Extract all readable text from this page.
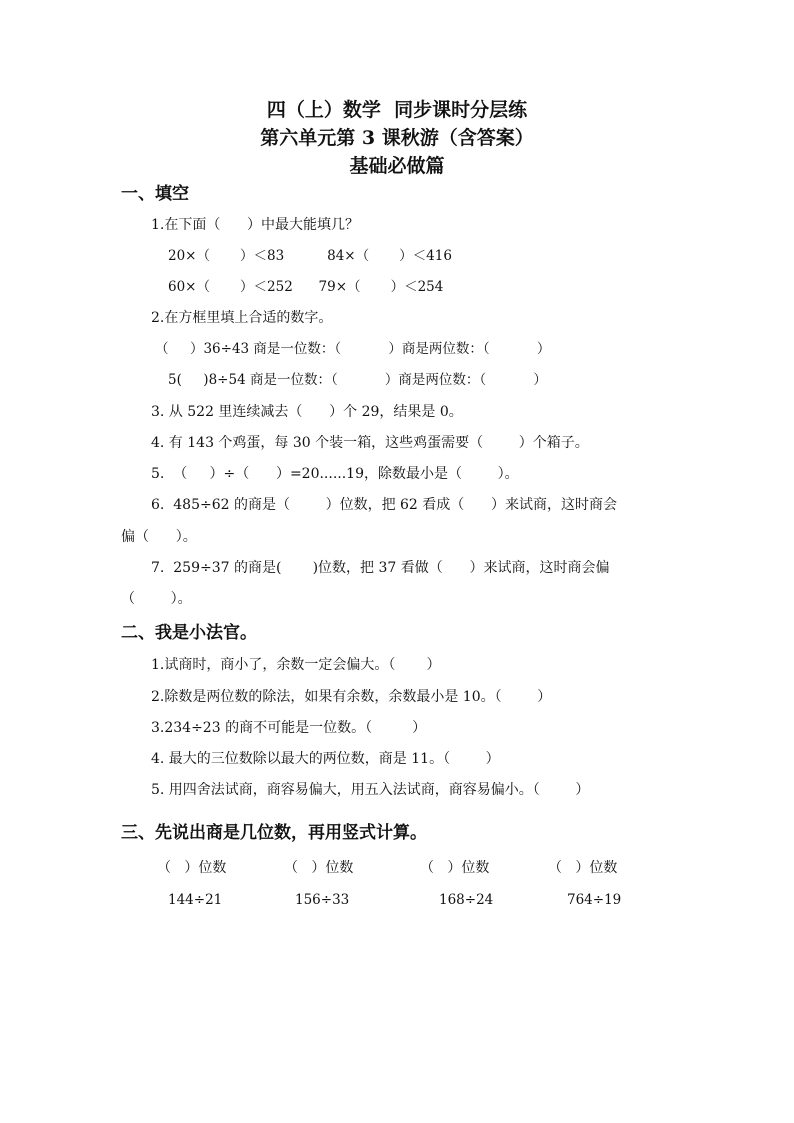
四（上）数学  同步课时分层练
第六单元第 3 课秋游（含答案）
基础必做篇
一、填空
1.在下面（      ）中最大能填几？
20×（       ）＜83          84×（       ）＜416
60×（       ）＜252      79×（       ）＜254
2.在方框里填上合适的数字。
（     ）36÷43 商是一位数：（           ）商是两位数：（           ）
5(     )8÷54 商是一位数：（           ）商是两位数：（           ）
3. 从 522 里连续减去（      ）个 29，结果是 0。
4. 有 143 个鸡蛋，每 30 个装一箱，这些鸡蛋需要（        ）个箱子。
5.  （     ）÷（      ）=20......19，除数最小是（        ）。
6.  485÷62 的商是（        ）位数，把 62 看成（      ）来试商，这时商会
偏（      ）。
7.  259÷37 的商是(       )位数，把 37 看做（      ）来试商，这时商会偏
（        ）。
二、我是小法官。
1.试商时，商小了，余数一定会偏大。（       ）
2.除数是两位数的除法，如果有余数，余数最小是 10。（        ）
3.234÷23 的商不可能是一位数。（         ）
4. 最大的三位数除以最大的两位数，商是 11。（        ）
5. 用四舍法试商，商容易偏大，用五入法试商，商容易偏小。（        ）
三、先说出商是几位数，再用竖式计算。
（   ）位数	（   ）位数	（   ）位数	（   ）位数
144÷21	156÷33	168÷24	764÷19
